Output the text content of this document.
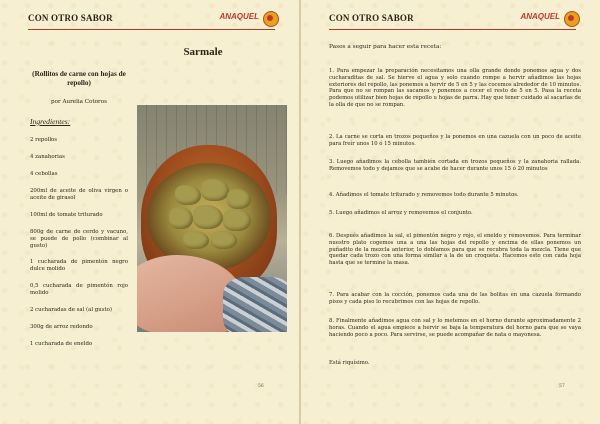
CON OTRO SABOR	ANAQUEL
Sarmale
(Rollitos de carne con hojas de repollo)
por Aurelia Cotoros
Ingredientes:
2 repollos
4 zanahorias
4 cebollas
200ml de aceite de oliva virgen o aceite de girasol
100ml de tomate triturado
800g de carne de cerdo y vacuno, se puede de pollo (combinar al gusto)
1 cucharada de pimentón negro dulce molido
0,5 cucharada de pimentón rojo molido
2 cucharadas de sal (al gusto)
300g de arroz redondo
1 cucharada de eneldo
56
CON OTRO SABOR	ANAQUEL
57
Pasos a seguir para hacer esta receta:
1. Para empezar la preparación necesitamos una olla grande donde ponemos agua y dos cucharaditas de sal. Se hierve el agua y solo cuando rompe a hervir añadimos las hojas exteriores del repollo, las ponemos a hervir de 5 en 5 y las cocemos alrededor de 10 minutos. Para que no se rompan las sacamos y ponemos a cocer el resto de 5 en 5. Pasa la receta podemos utilizar bien hojas de repollo u hojas de parra. Hay que tener cuidado al sacarlas de la olla de que no se rompan.
2. La carne se corta en trozos pequeños y la ponemos en una cazuela con un poco de aceite para freír unos 10 ó 15 minutos.
3. Luego añadimos la cebolla también cortada en trozos pequeños y la zanahoria rallada. Removemos todo y dejamos que se acabe de hacer durante unos 15 ó 20 minutos
4. Añadimos el tomate triturado y removemos todo durante 5 minutos.
5. Luego añadimos el arroz y removemos el conjunto.
6. Después añadimos la sal, el pimentón negro y rojo, el eneldo y removemos. Para terminar nuestro plato cogemos una a una las hojas del repollo y encima de ellas ponemos un puñadito de la mezcla anterior, lo doblamos para que se recubra toda la mezcla. Tiene que quedar cada trozo con una forma similar a la de un croqueta. Hacemos esto con cada hoja hasta que se termine la masa.
7. Para acabar con la cocción, ponemos cada una de las bolitas en una cazuela formando pisos y cada piso lo recubrimos con las hojas de repollo.
8. Finalmente añadimos agua con sal y lo metemos en el horno durante aproximadamente 2 horas. Cuando el agua empiece a hervir se baja la temperatura del horno para que se vaya haciendo poco a poco. Para servirse, se puede acompañar de nata o mayonesa.
Está riquísimo.
